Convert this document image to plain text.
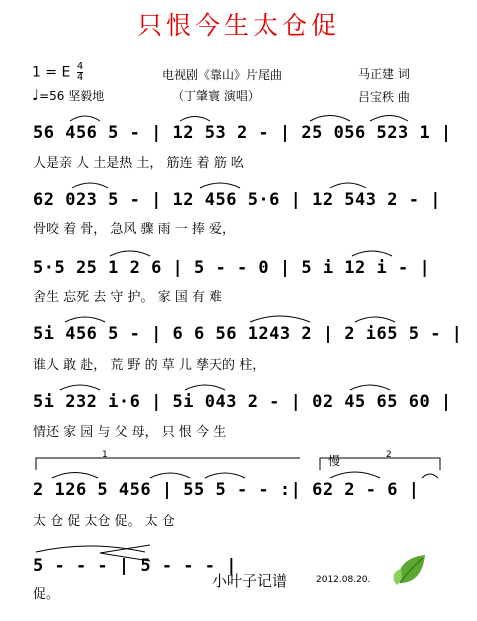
只恨今生太仓促
1 = E $\frac{4}{4}$
♩=56 坚毅地
电视剧《靠山》片尾曲
（丁肇寰 演唱）
马正建 词
吕宝秩 曲
56 456 5 - | 12 53 2 - | 25 056 523 1 |
人是亲 人 土是热 土， 筋连 着 筋 吆
62 023 5 - | 12 456 5·6 | 12 543 2 - |
骨咬 着 骨， 急风 骤 雨 一 捧 爱，
5·5 25 1 2 6 | 5 - - 0 | 5 i 12 i - |
舍生 忘死 去 守 护。 家 国 有 难
5i 456 5 - | 6 6 56 1243 2 | 2 i65 5 - |
谁人 敢 赴， 荒 野 的 草 儿 孳天的 柱，
5i 232 i·6 | 5i 043 2 - | 02 45 65 60 |
情还 家 园 与 父 母， 只 恨 今 生
1	慢	2
2 126 5 456 | 55 5 - - :| 62 2 - 6 |
太 仓 促 太仓 促。 太 仓
5 - - - | 5 - - - |
促。
小叶子记谱	2012.08.20.
